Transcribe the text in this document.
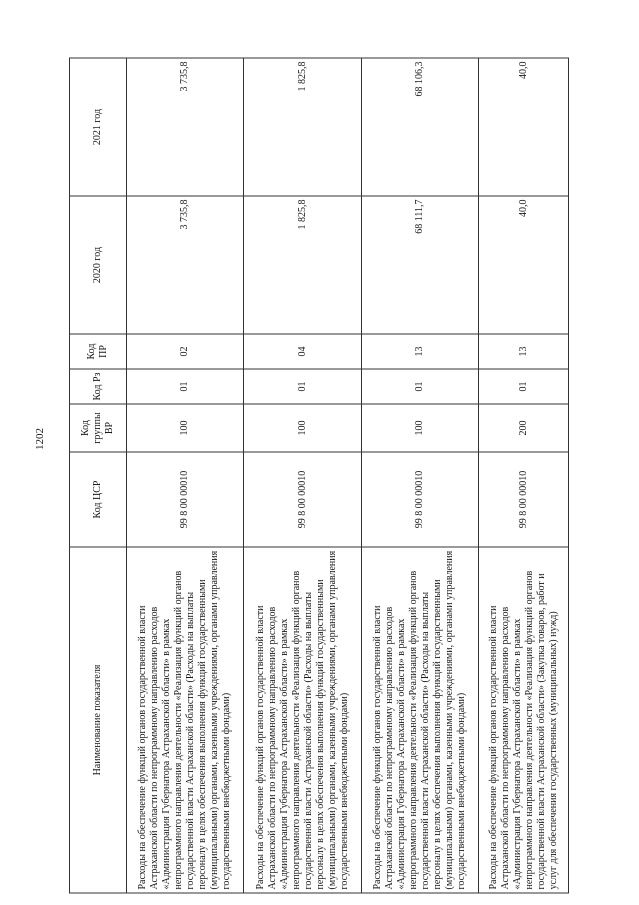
1202
Наименование показателя	Код ЦСР	Код группы ВР	Код Рз	Код ПР	2020 год	2021 год
Расходы на обеспечение функций органов государственной власти Астраханской области по непрограммному направлению расходов «Администрация Губернатора Астраханской области» в рамках непрограммного направления деятельности «Реализация функций органов государственной власти Астраханской области» (Расходы на выплаты персоналу в целях обеспечения выполнения функций государственными (муниципальными) органами, казенными учреждениями, органами управления государственными внебюджетными фондами)	99 8 00 00010	100	01	02	3 735,8	3 735,8
Расходы на обеспечение функций органов государственной власти Астраханской области по непрограммному направлению расходов «Администрация Губернатора Астраханской области» в рамках непрограммного направления деятельности «Реализация функций органов государственной власти Астраханской области» (Расходы на выплаты персоналу в целях обеспечения выполнения функций государственными (муниципальными) органами, казенными учреждениями, органами управления государственными внебюджетными фондами)	99 8 00 00010	100	01	04	1 825,8	1 825,8
Расходы на обеспечение функций органов государственной власти Астраханской области по непрограммному направлению расходов «Администрация Губернатора Астраханской области» в рамках непрограммного направления деятельности «Реализация функций органов государственной власти Астраханской области» (Расходы на выплаты персоналу в целях обеспечения выполнения функций государственными (муниципальными) органами, казенными учреждениями, органами управления государственными внебюджетными фондами)	99 8 00 00010	100	01	13	68 111,7	68 106,3
Расходы на обеспечение функций органов государственной власти Астраханской области по непрограммному направлению расходов «Администрация Губернатора Астраханской области» в рамках непрограммного направления деятельности «Реализация функций органов государственной власти Астраханской области» (Закупка товаров, работ и услуг для обеспечения государственных (муниципальных) нужд)	99 8 00 00010	200	01	13	40,0	40,0
